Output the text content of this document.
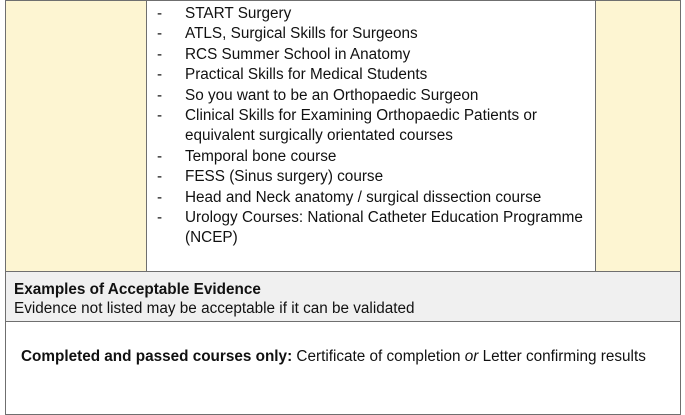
- START Surgery
- ATLS, Surgical Skills for Surgeons
- RCS Summer School in Anatomy
- Practical Skills for Medical Students
- So you want to be an Orthopaedic Surgeon
- Clinical Skills for Examining Orthopaedic Patients or equivalent surgically orientated courses
- Temporal bone course
- FESS (Sinus surgery) course
- Head and Neck anatomy / surgical dissection course
- Urology Courses: National Catheter Education Programme (NCEP)

Examples of Acceptable Evidence
Evidence not listed may be acceptable if it can be validated

Completed and passed courses only: Certificate of completion or Letter confirming results
